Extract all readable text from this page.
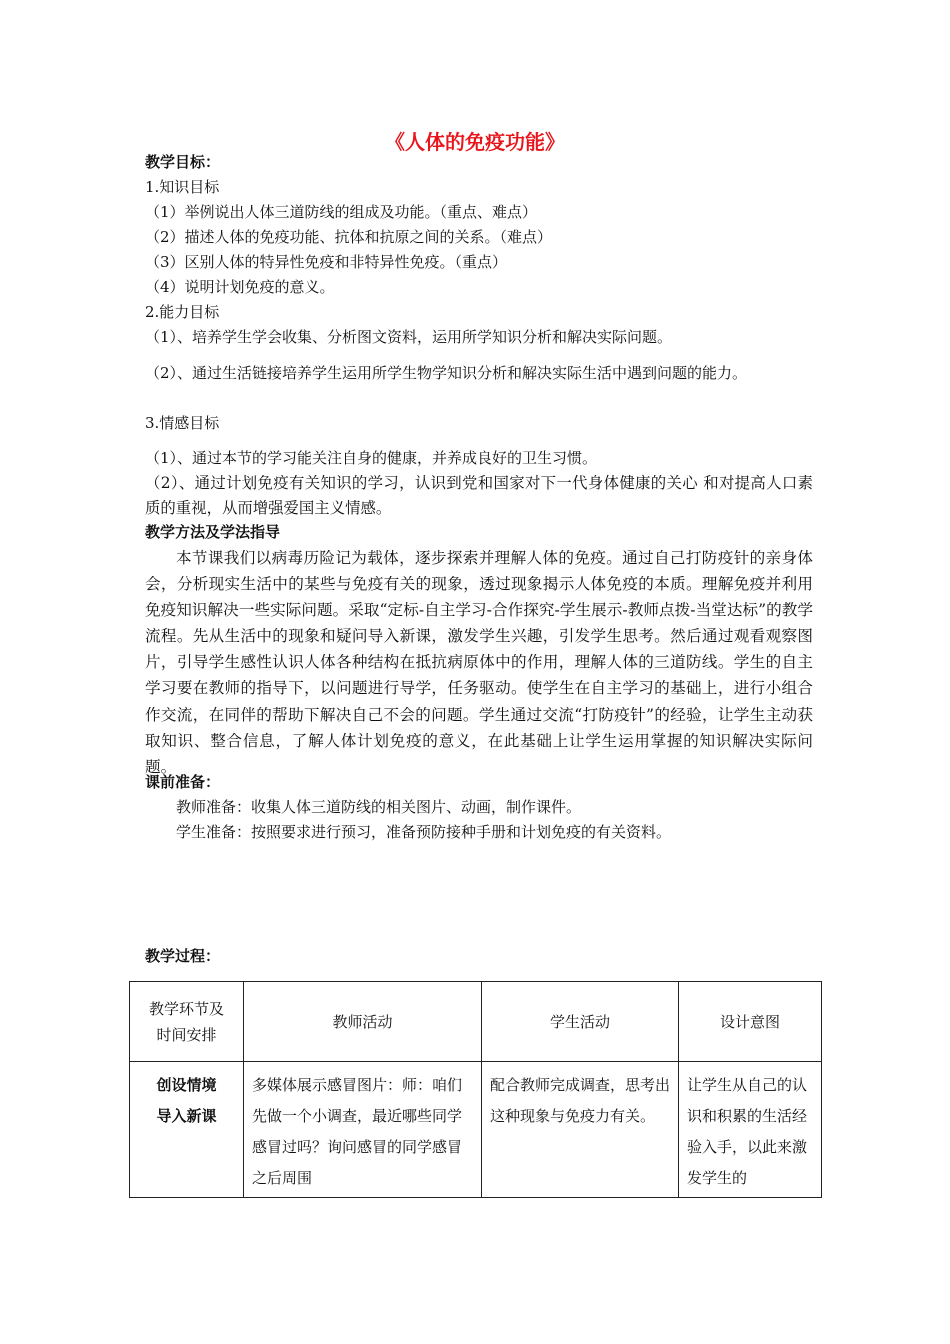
《人体的免疫功能》
教学目标：
1.知识目标
（1）举例说出人体三道防线的组成及功能。（重点、难点）
（2）描述人体的免疫功能、抗体和抗原之间的关系。（难点）
（3）区别人体的特异性免疫和非特异性免疫。（重点）
（4）说明计划免疫的意义。
2.能力目标
（1）、培养学生学会收集、分析图文资料，运用所学知识分析和解决实际问题。
（2）、通过生活链接培养学生运用所学生物学知识分析和解决实际生活中遇到问题的能力。
3.情感目标
（1）、通过本节的学习能关注自身的健康，并养成良好的卫生习惯。
（2）、通过计划免疫有关知识的学习，认识到党和国家对下一代身体健康的关心 和对提高人口素质的重视，从而增强爱国主义情感。
教学方法及学法指导
本节课我们以病毒历险记为载体，逐步探索并理解人体的免疫。通过自己打防疫针的亲身体会，分析现实生活中的某些与免疫有关的现象，透过现象揭示人体免疫的本质。理解免疫并利用免疫知识解决一些实际问题。采取“定标-自主学习-合作探究-学生展示-教师点拨-当堂达标”的教学流程。先从生活中的现象和疑问导入新课，激发学生兴趣，引发学生思考。然后通过观看观察图片，引导学生感性认识人体各种结构在抵抗病原体中的作用，理解人体的三道防线。学生的自主学习要在教师的指导下，以问题进行导学，任务驱动。使学生在自主学习的基础上，进行小组合作交流，在同伴的帮助下解决自己不会的问题。学生通过交流“打防疫针”的经验，让学生主动获取知识、整合信息，了解人体计划免疫的意义，在此基础上让学生运用掌握的知识解决实际问题。
课前准备：
教师准备：收集人体三道防线的相关图片、动画，制作课件。
学生准备：按照要求进行预习，准备预防接种手册和计划免疫的有关资料。
教学过程：
教学环节及时间安排	教师活动	学生活动	设计意图

创设情境
导入新课	多媒体展示感冒图片：师：咱们先做一个小调查，最近哪些同学感冒过吗？询问感冒的同学感冒之后周围	配合教师完成调查，思考出这种现象与免疫力有关。	让学生从自己的认识和积累的生活经验入手，以此来激发学生的
